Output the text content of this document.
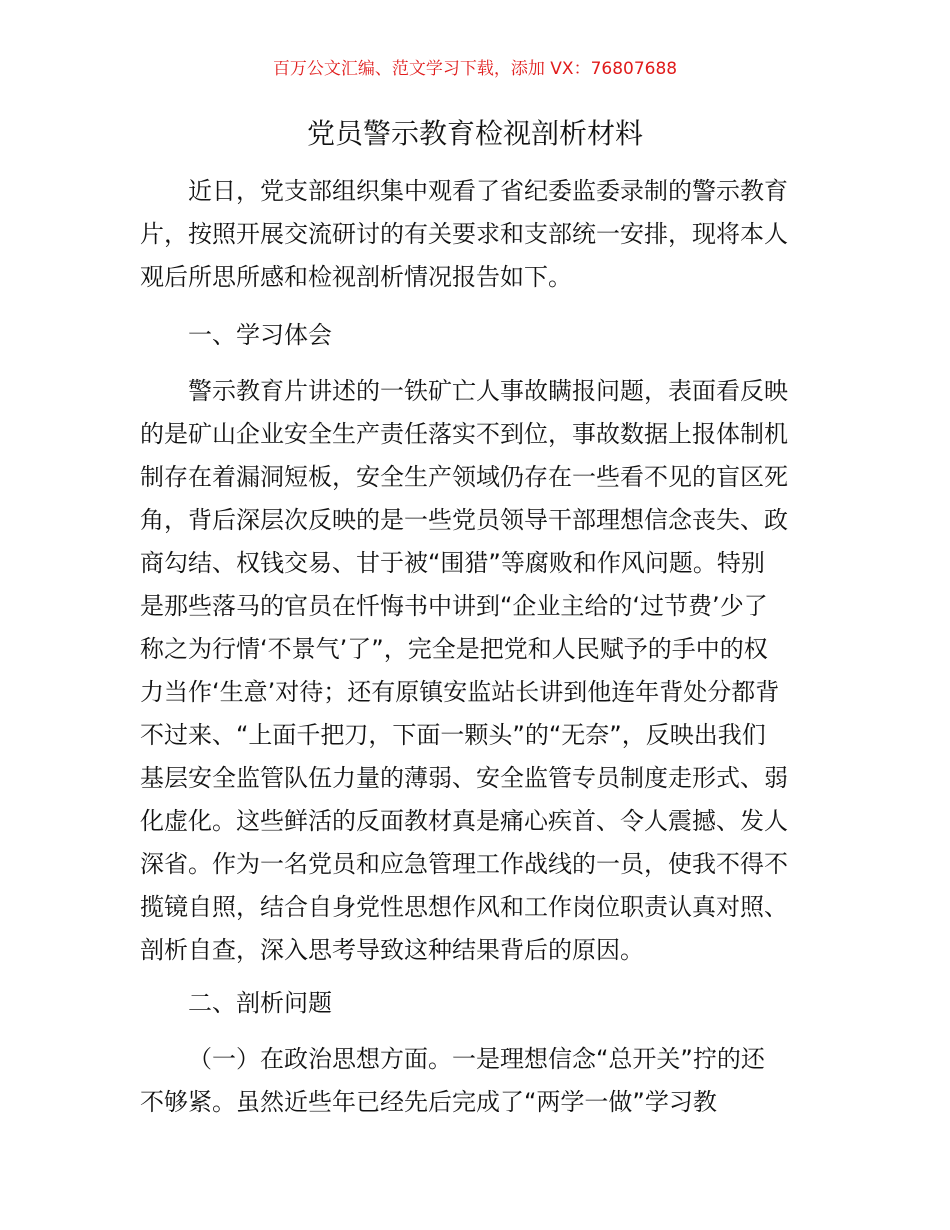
百万公文汇编、范文学习下载，添加 VX：76807688
党员警示教育检视剖析材料
近日，党支部组织集中观看了省纪委监委录制的警示教育
片，按照开展交流研讨的有关要求和支部统一安排，现将本人
观后所思所感和检视剖析情况报告如下。
一、学习体会
警示教育片讲述的一铁矿亡人事故瞒报问题，表面看反映
的是矿山企业安全生产责任落实不到位，事故数据上报体制机
制存在着漏洞短板，安全生产领域仍存在一些看不见的盲区死
角，背后深层次反映的是一些党员领导干部理想信念丧失、政
商勾结、权钱交易、甘于被“围猎”等腐败和作风问题。特别
是那些落马的官员在忏悔书中讲到“企业主给的‘过节费’少了
称之为行情‘不景气’了”，完全是把党和人民赋予的手中的权
力当作‘生意’对待；还有原镇安监站长讲到他连年背处分都背
不过来、“上面千把刀，下面一颗头”的“无奈”，反映出我们
基层安全监管队伍力量的薄弱、安全监管专员制度走形式、弱
化虚化。这些鲜活的反面教材真是痛心疾首、令人震撼、发人
深省。作为一名党员和应急管理工作战线的一员，使我不得不
揽镜自照，结合自身党性思想作风和工作岗位职责认真对照、
剖析自查，深入思考导致这种结果背后的原因。
二、剖析问题
（一）在政治思想方面。一是理想信念“总开关”拧的还
不够紧。虽然近些年已经先后完成了“两学一做”学习教
